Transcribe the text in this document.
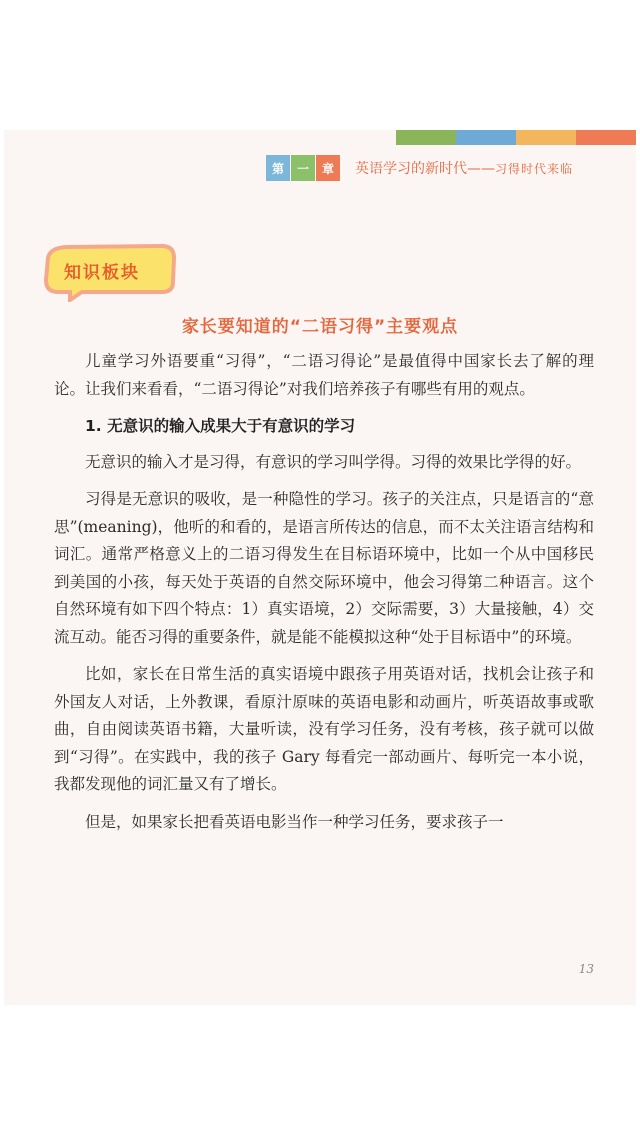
第	一	章	英语学习的新时代——习得时代来临
知识板块
家长要知道的“二语习得”主要观点

儿童学习外语要重“习得”，“二语习得论”是最值得中国家长去了解的理论。让我们来看看，“二语习得论”对我们培养孩子有哪些有用的观点。

1. 无意识的输入成果大于有意识的学习

无意识的输入才是习得，有意识的学习叫学得。习得的效果比学得的好。

习得是无意识的吸收，是一种隐性的学习。孩子的关注点，只是语言的“意思”(meaning)，他听的和看的，是语言所传达的信息，而不太关注语言结构和词汇。通常严格意义上的二语习得发生在目标语环境中，比如一个从中国移民到美国的小孩，每天处于英语的自然交际环境中，他会习得第二种语言。这个自然环境有如下四个特点：1）真实语境，2）交际需要，3）大量接触，4）交流互动。能否习得的重要条件，就是能不能模拟这种“处于目标语中”的环境。

比如，家长在日常生活的真实语境中跟孩子用英语对话，找机会让孩子和外国友人对话，上外教课，看原汁原味的英语电影和动画片，听英语故事或歌曲，自由阅读英语书籍，大量听读，没有学习任务，没有考核，孩子就可以做到“习得”。在实践中，我的孩子 Gary 每看完一部动画片、每听完一本小说，我都发现他的词汇量又有了增长。

但是，如果家长把看英语电影当作一种学习任务，要求孩子一

13
